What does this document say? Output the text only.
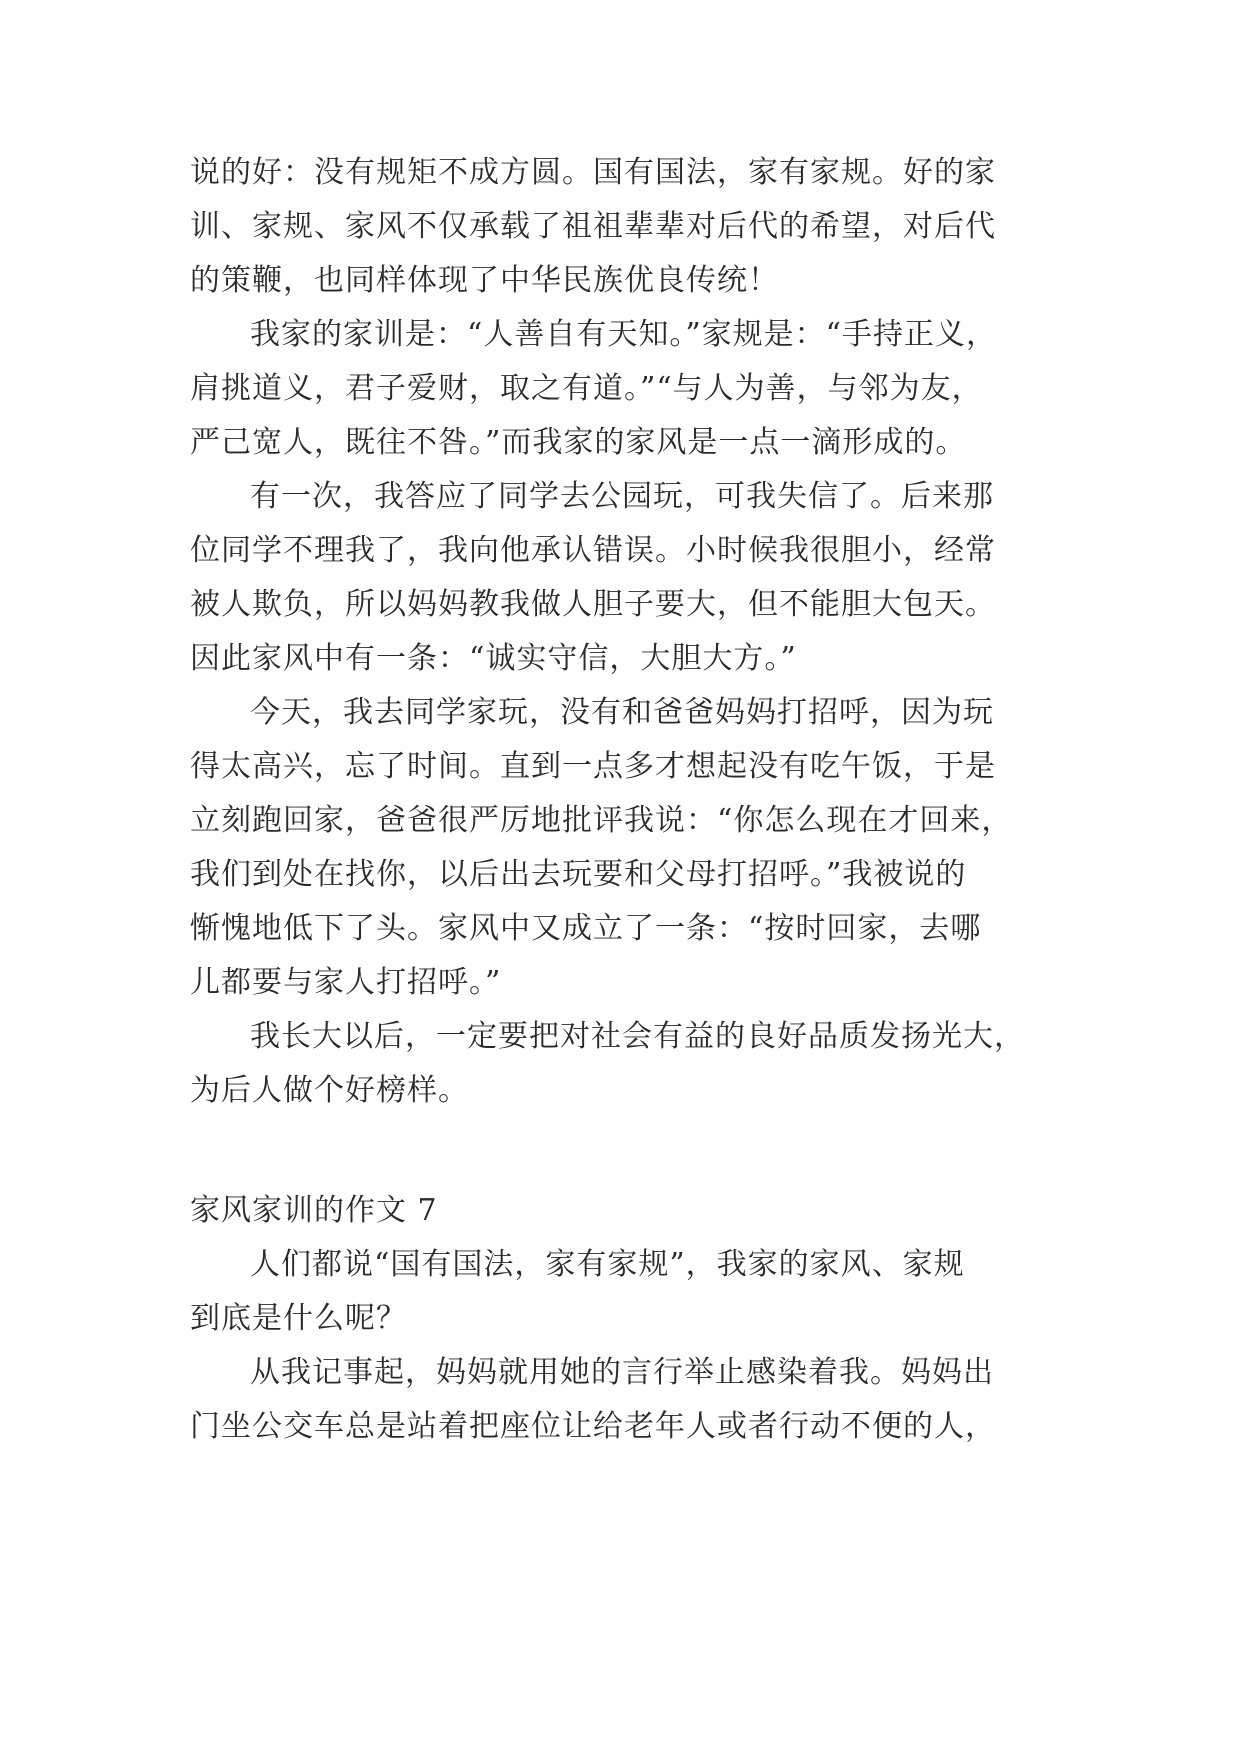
说的好：没有规矩不成方圆。国有国法，家有家规。好的家
训、家规、家风不仅承载了祖祖辈辈对后代的希望，对后代
的策鞭，也同样体现了中华民族优良传统！
我家的家训是：“人善自有天知。”家规是：“手持正义，
肩挑道义，君子爱财，取之有道。”“与人为善，与邻为友，
严己宽人，既往不咎。”而我家的家风是一点一滴形成的。
有一次，我答应了同学去公园玩，可我失信了。后来那
位同学不理我了，我向他承认错误。小时候我很胆小，经常
被人欺负，所以妈妈教我做人胆子要大，但不能胆大包天。
因此家风中有一条：“诚实守信，大胆大方。”
今天，我去同学家玩，没有和爸爸妈妈打招呼，因为玩
得太高兴，忘了时间。直到一点多才想起没有吃午饭，于是
立刻跑回家，爸爸很严厉地批评我说：“你怎么现在才回来，
我们到处在找你，以后出去玩要和父母打招呼。”我被说的
惭愧地低下了头。家风中又成立了一条：“按时回家，去哪
儿都要与家人打招呼。”
我长大以后，一定要把对社会有益的良好品质发扬光大，
为后人做个好榜样。
家风家训的作文 7
人们都说“国有国法，家有家规”，我家的家风、家规
到底是什么呢？
从我记事起，妈妈就用她的言行举止感染着我。妈妈出
门坐公交车总是站着把座位让给老年人或者行动不便的人，
